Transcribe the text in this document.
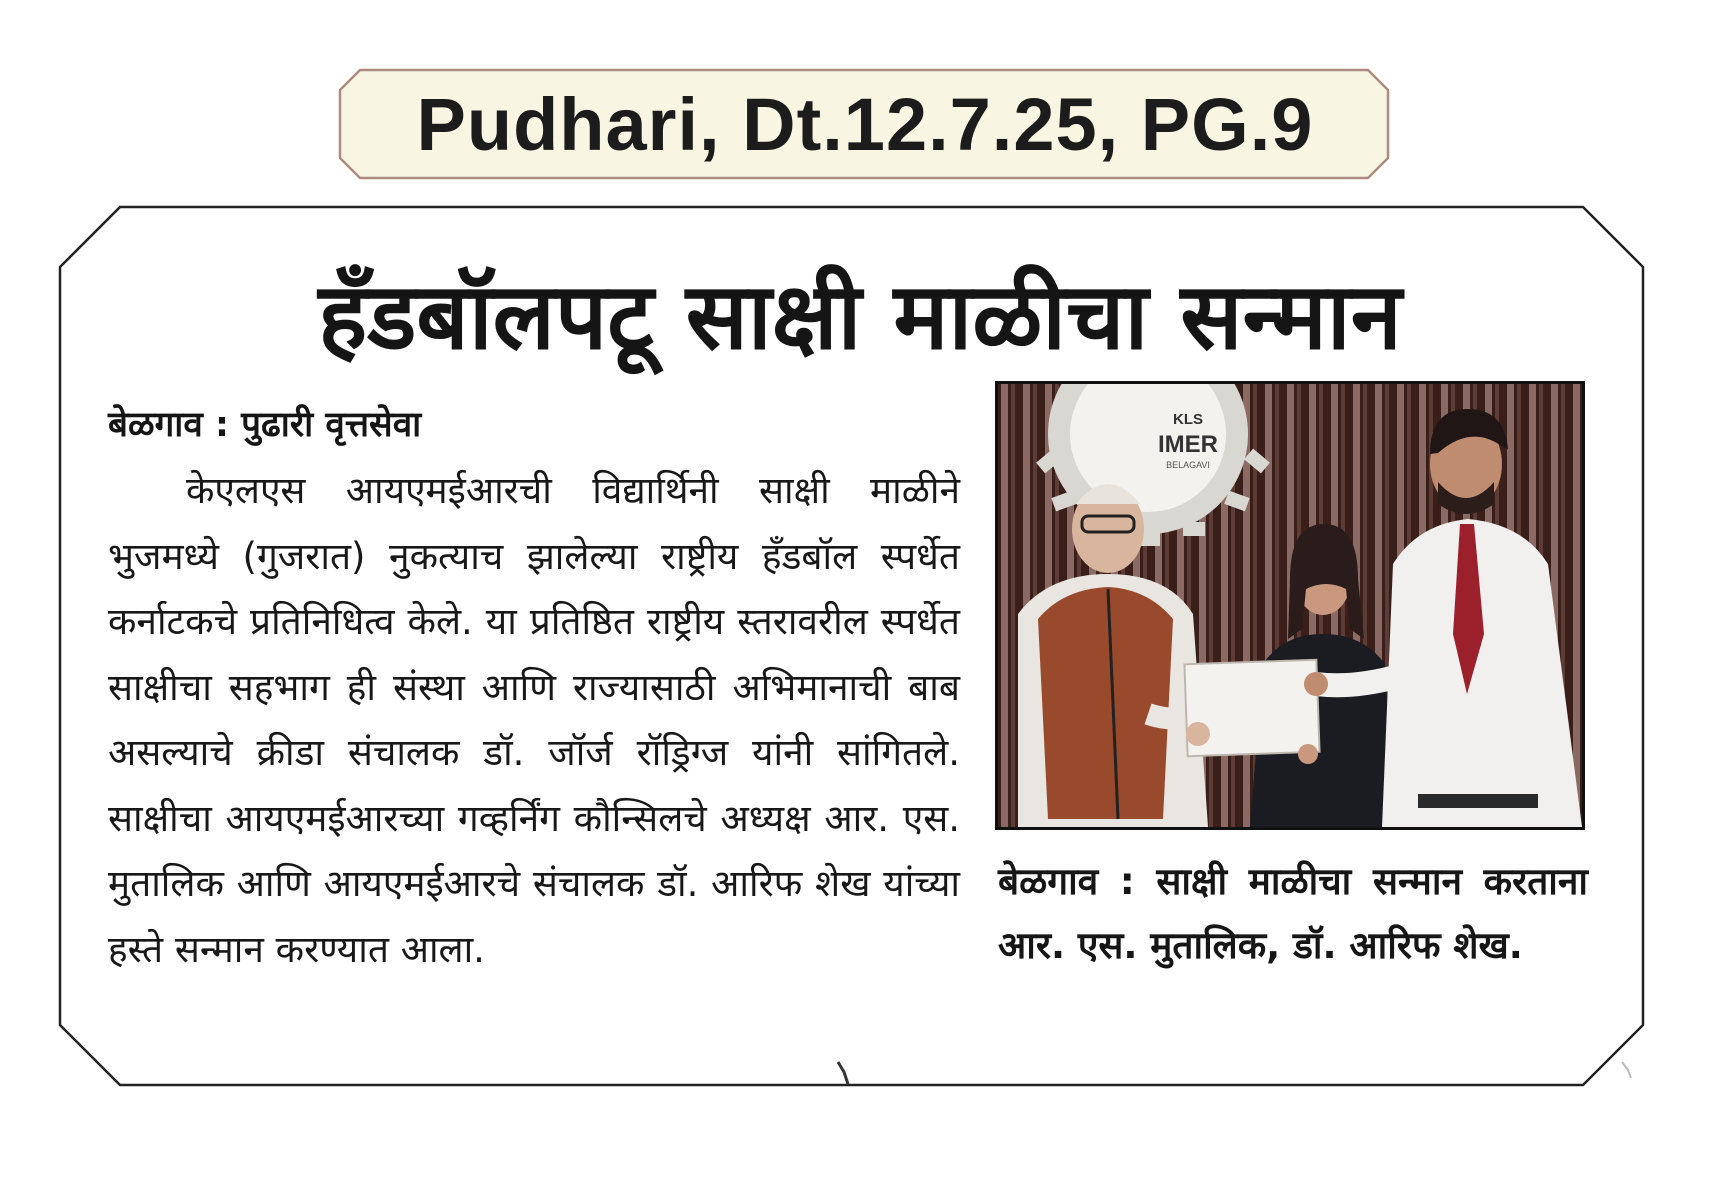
Pudhari, Dt.12.7.25, PG.9
हँडबॉलपटू साक्षी माळीचा सन्मान
बेळगाव : पुढारी वृत्तसेवा
केएलएस आयएमईआरची विद्यार्थिनी साक्षी माळीने भुजमध्ये (गुजरात) नुकत्याच झालेल्या राष्ट्रीय हँडबॉल स्पर्धेत कर्नाटकचे प्रतिनिधित्व केले. या प्रतिष्ठित राष्ट्रीय स्तरावरील स्पर्धेत साक्षीचा सहभाग ही संस्था आणि राज्यासाठी अभिमानाची बाब असल्याचे क्रीडा संचालक डॉ. जॉर्ज रॉड्रिग्ज यांनी सांगितले. साक्षीचा आयएमईआरच्या गव्हर्निंग कौन्सिलचे अध्यक्ष आर. एस. मुतालिक आणि आयएमईआरचे संचालक डॉ. आरिफ शेख यांच्या हस्ते सन्मान करण्यात आला.
KLS
IMER
BELAGAVI
बेळगाव : साक्षी माळीचा सन्मान करताना आर. एस. मुतालिक, डॉ. आरिफ शेख.
